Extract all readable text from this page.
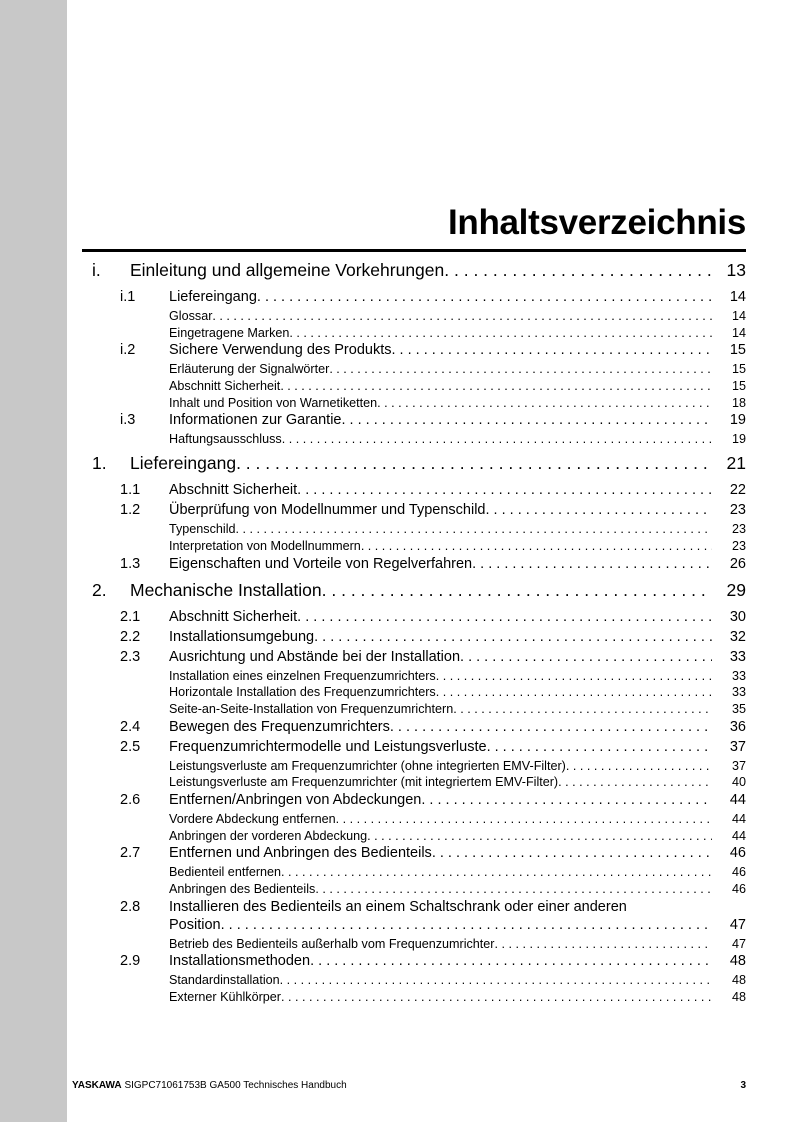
Inhaltsverzeichnis
i.	Einleitung und allgemeine Vorkehrungen . . .	13
i.1	Liefereingang . . .	14
Glossar . . .	14
Eingetragene Marken . . .	14
i.2	Sichere Verwendung des Produkts . . .	15
Erläuterung der Signalwörter . . .	15
Abschnitt Sicherheit . . .	15
Inhalt und Position von Warnetiketten . . .	18
i.3	Informationen zur Garantie . . .	19
Haftungsausschluss . . .	19
1.	Liefereingang . . .	21
1.1	Abschnitt Sicherheit . . .	22
1.2	Überprüfung von Modellnummer und Typenschild . . .	23
Typenschild . . .	23
Interpretation von Modellnummern . . .	23
1.3	Eigenschaften und Vorteile von Regelverfahren . . .	26
2.	Mechanische Installation . . .	29
2.1	Abschnitt Sicherheit . . .	30
2.2	Installationsumgebung . . .	32
2.3	Ausrichtung und Abstände bei der Installation . . .	33
Installation eines einzelnen Frequenzumrichters . . .	33
Horizontale Installation des Frequenzumrichters . . .	33
Seite-an-Seite-Installation von Frequenzumrichtern . . .	35
2.4	Bewegen des Frequenzumrichters . . .	36
2.5	Frequenzumrichtermodelle und Leistungsverluste . . .	37
Leistungsverluste am Frequenzumrichter (ohne integrierten EMV-Filter) . . .	37
Leistungsverluste am Frequenzumrichter (mit integriertem EMV-Filter) . . .	40
2.6	Entfernen/Anbringen von Abdeckungen . . .	44
Vordere Abdeckung entfernen . . .	44
Anbringen der vorderen Abdeckung . . .	44
2.7	Entfernen und Anbringen des Bedienteils . . .	46
Bedienteil entfernen . . .	46
Anbringen des Bedienteils . . .	46
2.8	Installieren des Bedienteils an einem Schaltschrank oder einer anderen
Position . . .	47
Betrieb des Bedienteils außerhalb vom Frequenzumrichter . . .	47
2.9	Installationsmethoden . . .	48
Standardinstallation . . .	48
Externer Kühlkörper . . .	48
YASKAWA SIGPC71061753B GA500 Technisches Handbuch	3
